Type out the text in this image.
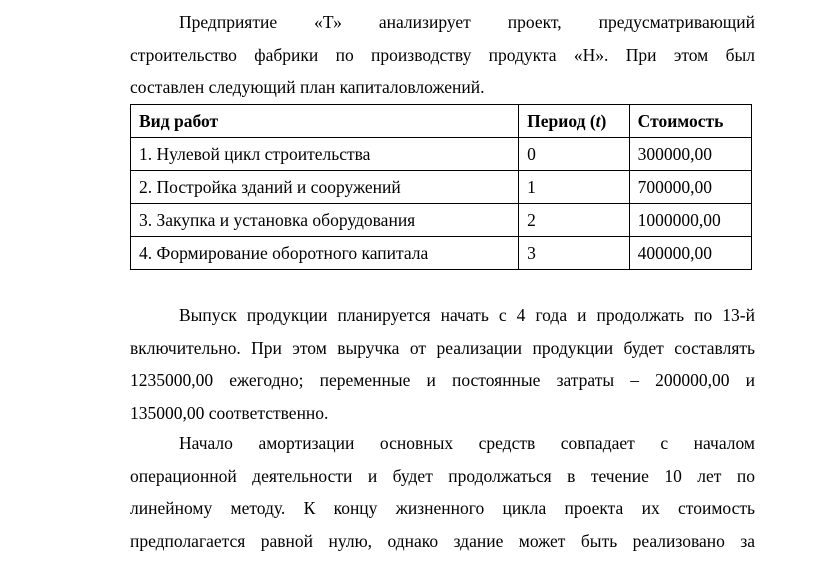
Предприятие «Т» анализирует проект, предусматривающий
строительство фабрики по производству продукта «Н». При этом был
составлен следующий план капиталовложений.

Вид работ	Период (t)	Стоимость
1. Нулевой цикл строительства	0	300000,00
2. Постройка зданий и сооружений	1	700000,00
3. Закупка и установка оборудования	2	1000000,00
4. Формирование оборотного капитала	3	400000,00

Выпуск продукции планируется начать с 4 года и продолжать по 13-й
включительно. При этом выручка от реализации продукции будет составлять
1235000,00 ежегодно; переменные и постоянные затраты – 200000,00 и
135000,00 соответственно.

Начало амортизации основных средств совпадает с началом
операционной деятельности и будет продолжаться в течение 10 лет по
линейному методу. К концу жизненного цикла проекта их стоимость
предполагается равной нулю, однако здание может быть реализовано за
